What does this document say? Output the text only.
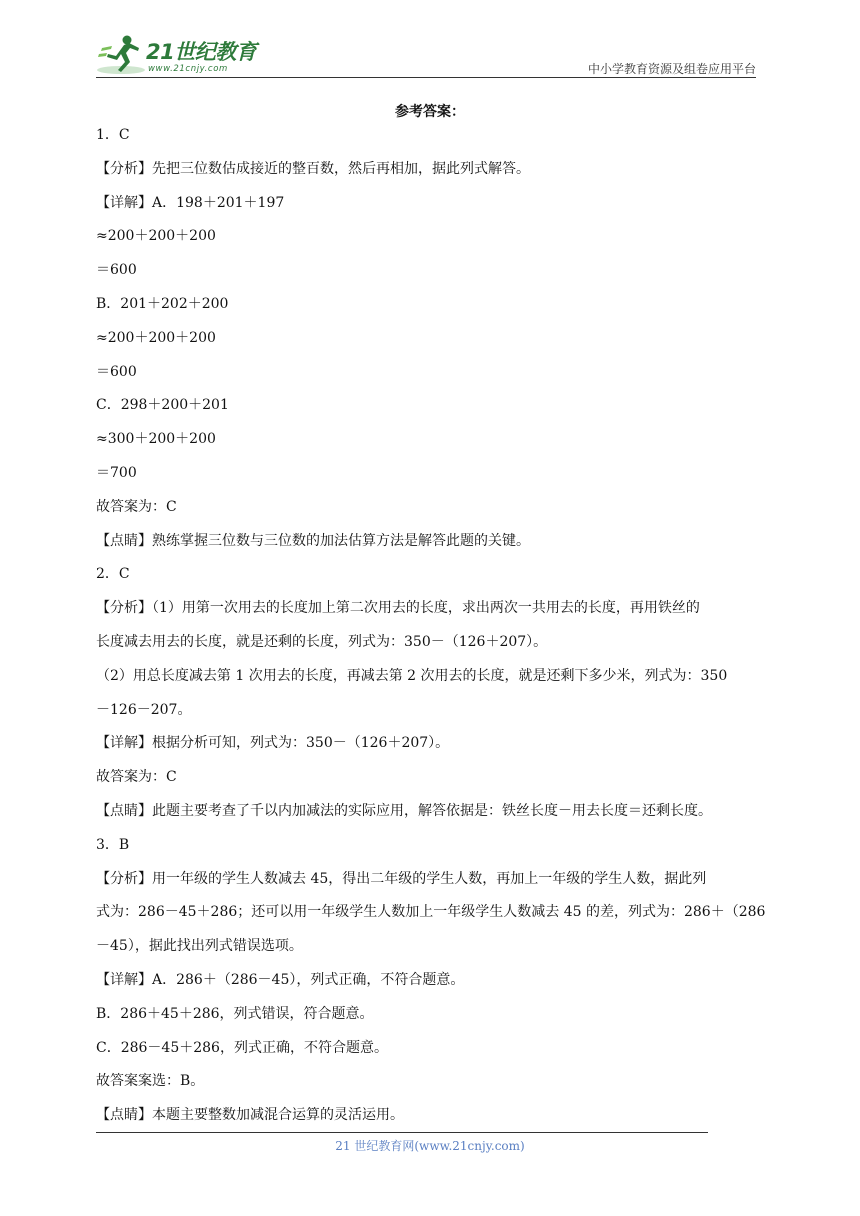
21世纪教育
www.21cnjy.com	中小学教育资源及组卷应用平台
参考答案：

1．C

【分析】先把三位数估成接近的整百数，然后再相加，据此列式解答。

【详解】A．198＋201＋197

≈200＋200＋200

＝600

B．201＋202＋200

≈200＋200＋200

＝600

C．298＋200＋201

≈300＋200＋200

＝700

故答案为：C

【点睛】熟练掌握三位数与三位数的加法估算方法是解答此题的关键。

2．C

【分析】（1）用第一次用去的长度加上第二次用去的长度，求出两次一共用去的长度，再用铁丝的

长度减去用去的长度，就是还剩的长度，列式为：350－（126＋207）。

（2）用总长度减去第 1 次用去的长度，再减去第 2 次用去的长度，就是还剩下多少米，列式为：350

－126－207。

【详解】根据分析可知，列式为：350－（126＋207）。

故答案为：C

【点睛】此题主要考查了千以内加减法的实际应用，解答依据是：铁丝长度－用去长度＝还剩长度。

3．B

【分析】用一年级的学生人数减去 45，得出二年级的学生人数，再加上一年级的学生人数，据此列

式为：286－45＋286；还可以用一年级学生人数加上一年级学生人数减去 45 的差，列式为：286＋（286

－45），据此找出列式错误选项。

【详解】A．286＋（286－45），列式正确，不符合题意。

B．286＋45＋286，列式错误，符合题意。

C．286－45＋286，列式正确，不符合题意。

故答案案选：B。

【点睛】本题主要整数加减混合运算的灵活运用。

21 世纪教育网(www.21cnjy.com)
